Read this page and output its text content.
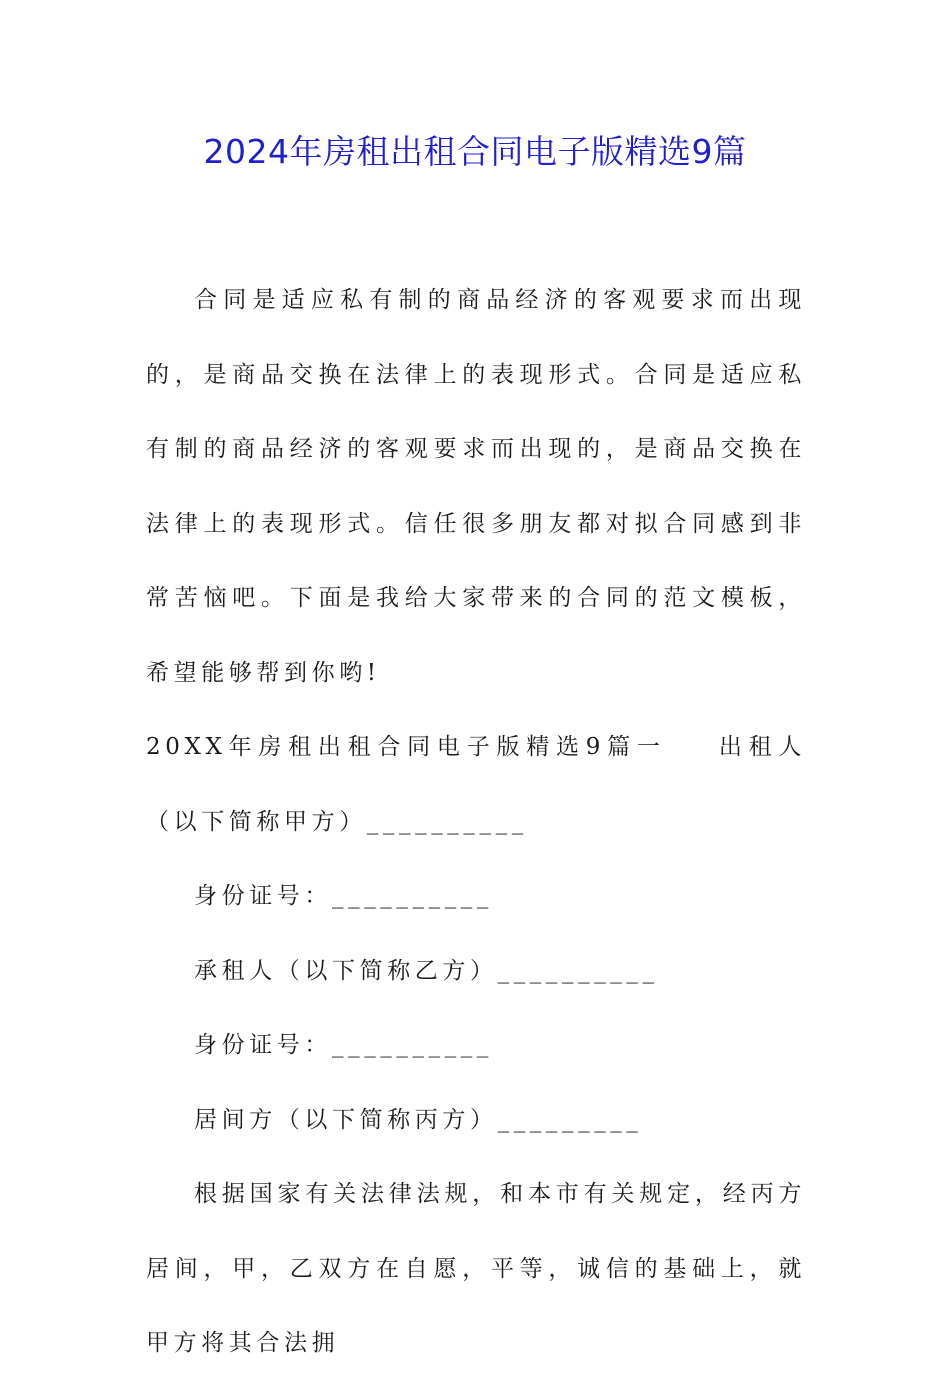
2024年房租出租合同电子版精选9篇

合同是适应私有制的商品经济的客观要求而出现的，是商品交换在法律上的表现形式。合同是适应私有制的商品经济的客观要求而出现的，是商品交换在法律上的表现形式。信任很多朋友都对拟合同感到非常苦恼吧。下面是我给大家带来的合同的范文模板，希望能够帮到你哟!

20XX年房租出租合同电子版精选9篇一 出租人（以下简称甲方）__________

身份证号：__________

承租人（以下简称乙方）__________

身份证号：__________

居间方（以下简称丙方）_________

根据国家有关法律法规，和本市有关规定，经丙方居间，甲，乙双方在自愿，平等，诚信的基础上，就甲方将其合法拥
